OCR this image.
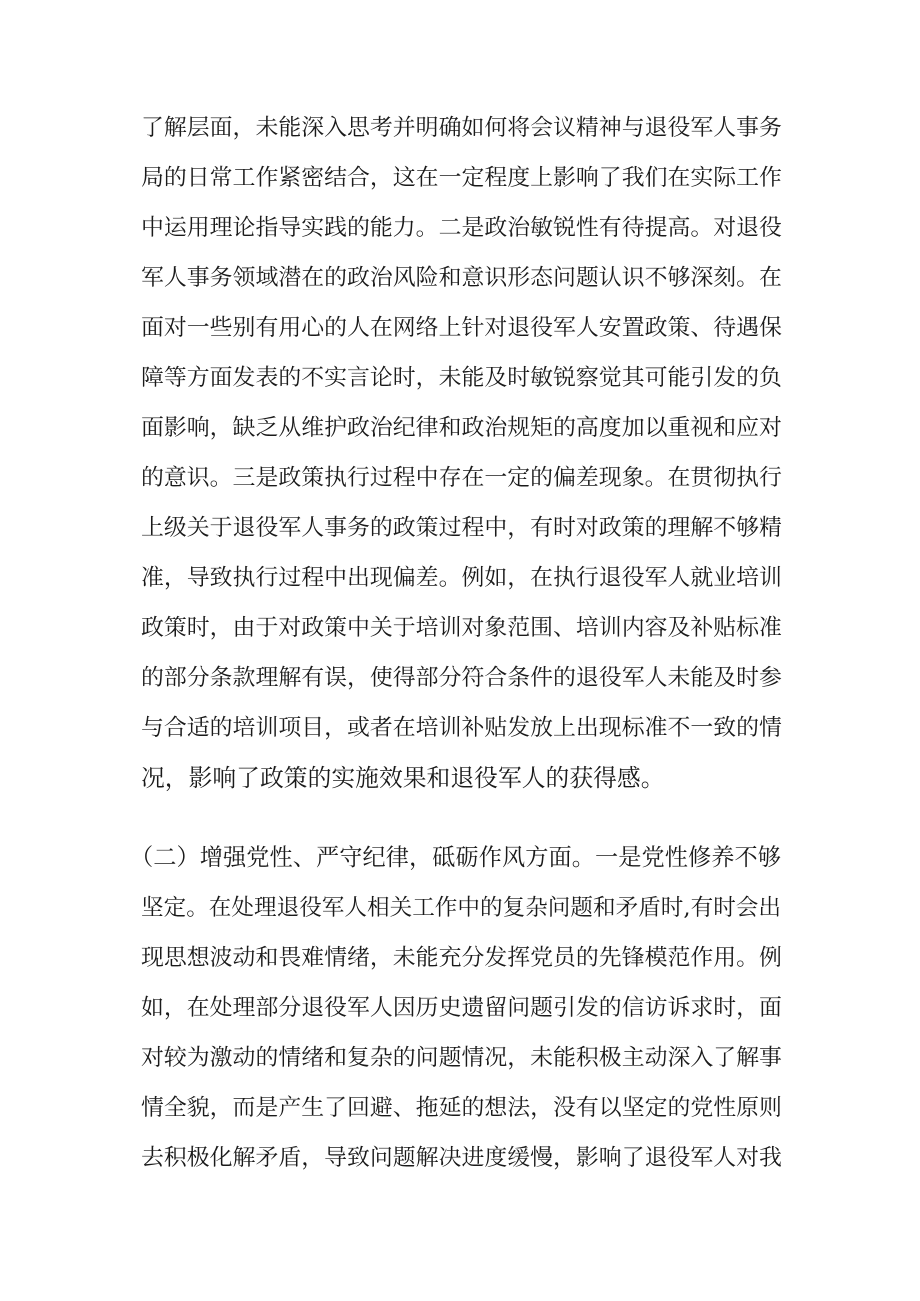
了解层面，未能深入思考并明确如何将会议精神与退役军人事务
局的日常工作紧密结合，这在一定程度上影响了我们在实际工作
中运用理论指导实践的能力。二是政治敏锐性有待提高。对退役
军人事务领域潜在的政治风险和意识形态问题认识不够深刻。在
面对一些别有用心的人在网络上针对退役军人安置政策、待遇保
障等方面发表的不实言论时，未能及时敏锐察觉其可能引发的负
面影响，缺乏从维护政治纪律和政治规矩的高度加以重视和应对
的意识。三是政策执行过程中存在一定的偏差现象。在贯彻执行
上级关于退役军人事务的政策过程中，有时对政策的理解不够精
准，导致执行过程中出现偏差。例如，在执行退役军人就业培训
政策时，由于对政策中关于培训对象范围、培训内容及补贴标准
的部分条款理解有误，使得部分符合条件的退役军人未能及时参
与合适的培训项目，或者在培训补贴发放上出现标准不一致的情
况，影响了政策的实施效果和退役军人的获得感。
（二）增强党性、严守纪律，砥砺作风方面。一是党性修养不够
坚定。在处理退役军人相关工作中的复杂问题和矛盾时,有时会出
现思想波动和畏难情绪，未能充分发挥党员的先锋模范作用。例
如，在处理部分退役军人因历史遗留问题引发的信访诉求时，面
对较为激动的情绪和复杂的问题情况，未能积极主动深入了解事
情全貌，而是产生了回避、拖延的想法，没有以坚定的党性原则
去积极化解矛盾，导致问题解决进度缓慢，影响了退役军人对我
